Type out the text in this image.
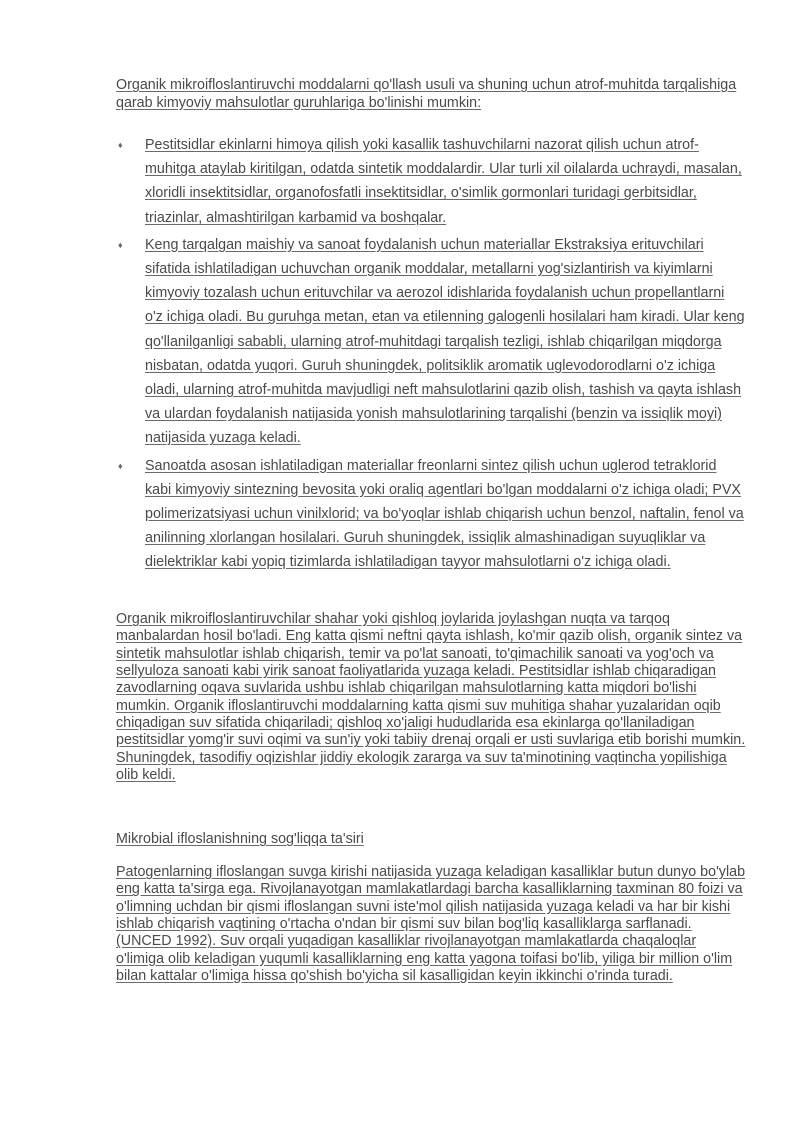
Organik mikroifloslantiruvchi moddalarni qo'llash usuli va shuning uchun atrof-muhitda tarqalishiga qarab kimyoviy mahsulotlar guruhlariga bo'linishi mumkin:

♦ Pestitsidlar ekinlarni himoya qilish yoki kasallik tashuvchilarni nazorat qilish uchun atrof-muhitga ataylab kiritilgan, odatda sintetik moddalardir. Ular turli xil oilalarda uchraydi, masalan, xloridli insektitsidlar, organofosfatli insektitsidlar, o'simlik gormonlari turidagi gerbitsidlar, triazinlar, almashtirilgan karbamid va boshqalar.
♦ Keng tarqalgan maishiy va sanoat foydalanish uchun materiallar Ekstraksiya erituvchilari sifatida ishlatiladigan uchuvchan organik moddalar, metallarni yog'sizlantirish va kiyimlarni kimyoviy tozalash uchun erituvchilar va aerozol idishlarida foydalanish uchun propellantlarni o'z ichiga oladi. Bu guruhga metan, etan va etilenning galogenli hosilalari ham kiradi. Ular keng qo'llanilganligi sababli, ularning atrof-muhitdagi tarqalish tezligi, ishlab chiqarilgan miqdorga nisbatan, odatda yuqori. Guruh shuningdek, politsiklik aromatik uglevodorodlarni o'z ichiga oladi, ularning atrof-muhitda mavjudligi neft mahsulotlarini qazib olish, tashish va qayta ishlash va ulardan foydalanish natijasida yonish mahsulotlarining tarqalishi (benzin va issiqlik moyi) natijasida yuzaga keladi.
♦ Sanoatda asosan ishlatiladigan materiallar freonlarni sintez qilish uchun uglerod tetraklorid kabi kimyoviy sintezning bevosita yoki oraliq agentlari bo'lgan moddalarni o'z ichiga oladi; PVX polimerizatsiyasi uchun vinilxlorid; va bo'yoqlar ishlab chiqarish uchun benzol, naftalin, fenol va anilinning xlorlangan hosilalari. Guruh shuningdek, issiqlik almashinadigan suyuqliklar va dielektriklar kabi yopiq tizimlarda ishlatiladigan tayyor mahsulotlarni o'z ichiga oladi.

Organik mikroifloslantiruvchilar shahar yoki qishloq joylarida joylashgan nuqta va tarqoq manbalardan hosil bo'ladi. Eng katta qismi neftni qayta ishlash, ko'mir qazib olish, organik sintez va sintetik mahsulotlar ishlab chiqarish, temir va po'lat sanoati, to'qimachilik sanoati va yog'och va sellyuloza sanoati kabi yirik sanoat faoliyatlarida yuzaga keladi. Pestitsidlar ishlab chiqaradigan zavodlarning oqava suvlarida ushbu ishlab chiqarilgan mahsulotlarning katta miqdori bo'lishi mumkin. Organik ifloslantiruvchi moddalarning katta qismi suv muhitiga shahar yuzalaridan oqib chiqadigan suv sifatida chiqariladi; qishloq xo'jaligi hududlarida esa ekinlarga qo'llaniladigan pestitsidlar yomg'ir suvi oqimi va sun'iy yoki tabiiy drenaj orqali er usti suvlariga etib borishi mumkin. Shuningdek, tasodifiy oqizishlar jiddiy ekologik zararga va suv ta'minotining vaqtincha yopilishiga olib keldi.

Mikrobial ifloslanishning sog'liqqa ta'siri

Patogenlarning ifloslangan suvga kirishi natijasida yuzaga keladigan kasalliklar butun dunyo bo'ylab eng katta ta'sirga ega. Rivojlanayotgan mamlakatlardagi barcha kasalliklarning taxminan 80 foizi va o'limning uchdan bir qismi ifloslangan suvni iste'mol qilish natijasida yuzaga keladi va har bir kishi ishlab chiqarish vaqtining o'rtacha o'ndan bir qismi suv bilan bog'liq kasalliklarga sarflanadi. (UNCED 1992). Suv orqali yuqadigan kasalliklar rivojlanayotgan mamlakatlarda chaqaloqlar o'limiga olib keladigan yuqumli kasalliklarning eng katta yagona toifasi bo'lib, yiliga bir million o'lim bilan kattalar o'limiga hissa qo'shish bo'yicha sil kasalligidan keyin ikkinchi o'rinda turadi.
